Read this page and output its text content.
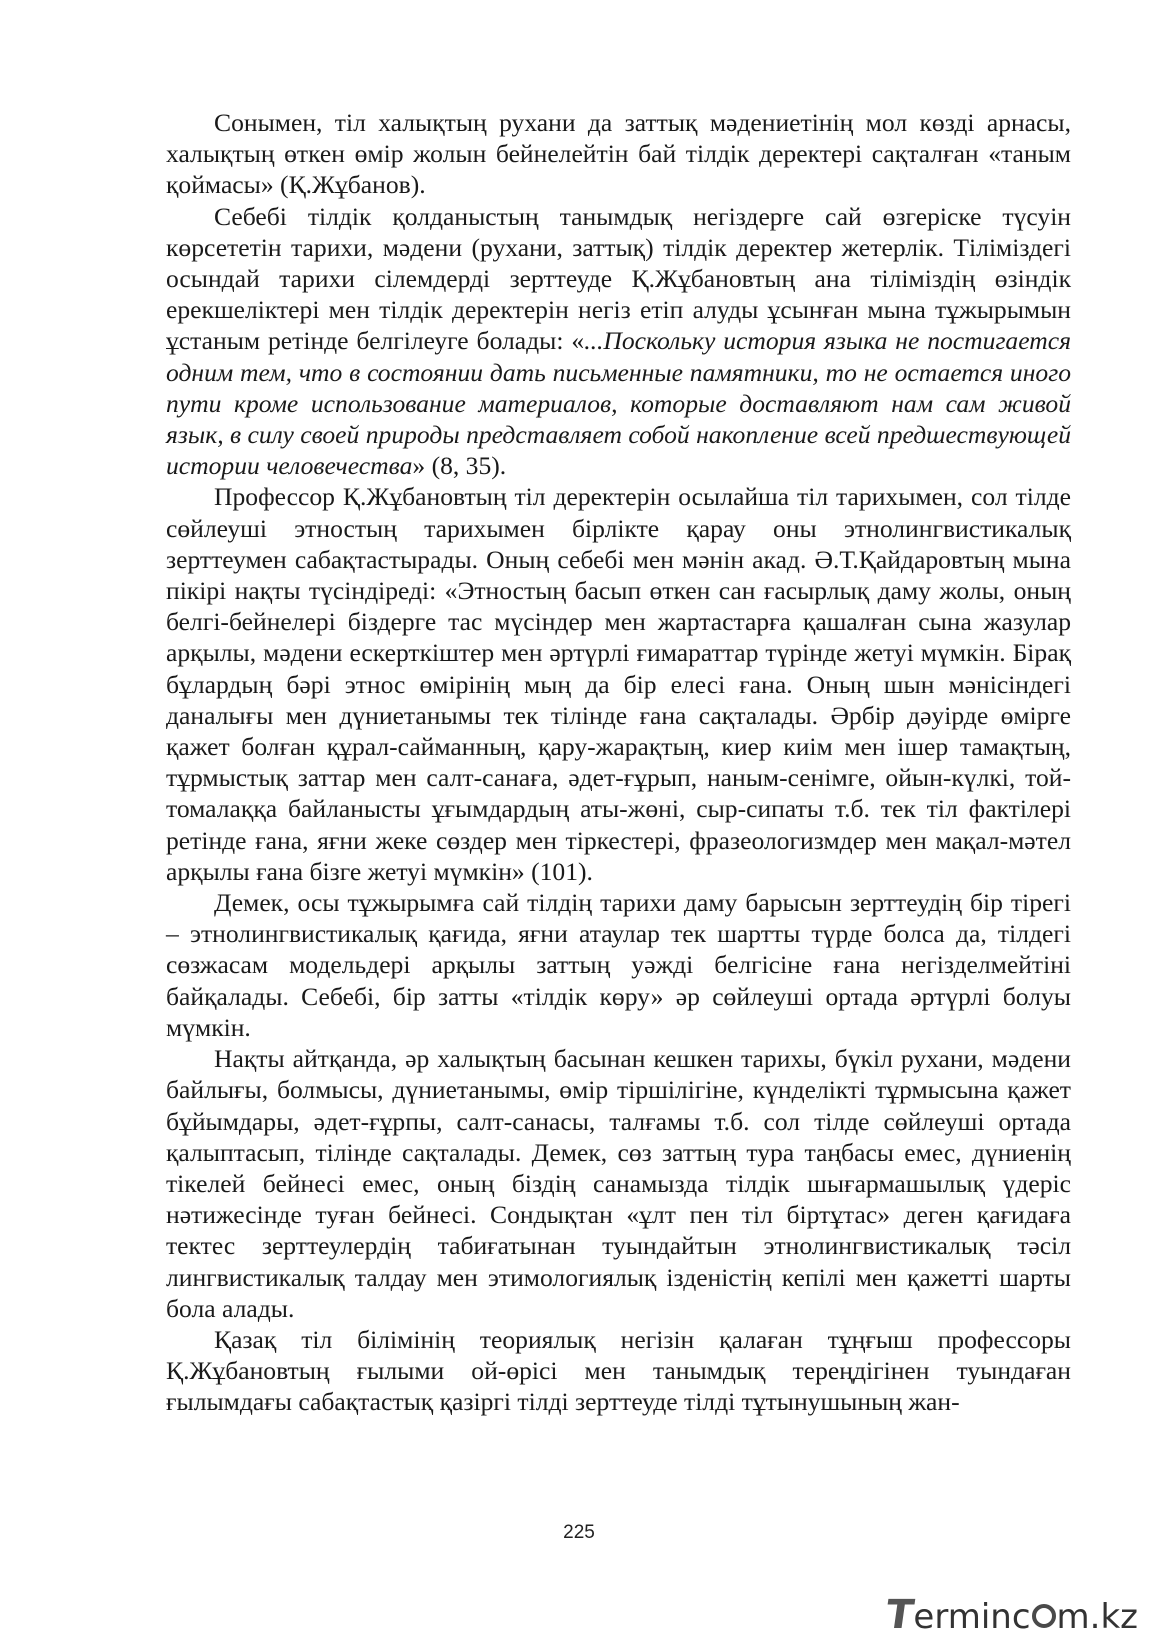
Сонымен, тіл халықтың рухани да заттық мәдениетінің мол көзді арнасы, халықтың өткен өмір жолын бейнелейтін бай тілдік деректері сақталған «таным қоймасы» (Қ.Жұбанов).

Себебі тілдік қолданыстың танымдық негіздерге сай өзгеріске түсуін көрсететін тарихи, мәдени (рухани, заттық) тілдік деректер жетерлік. Тіліміздегі осындай тарихи сілемдерді зерттеуде Қ.Жұбановтың ана тіліміздің өзіндік ерекшеліктері мен тілдік деректерін негіз етіп алуды ұсынған мына тұжырымын ұстаным ретінде белгілеуге болады: «...Поскольку история языка не постигается одним тем, что в состоянии дать письменные памятники, то не остается иного пути кроме использование материалов, которые доставляют нам сам живой язык, в силу своей природы представляет собой накопление всей предшествующей истории человечества» (8, 35).

Профессор Қ.Жұбановтың тіл деректерін осылайша тіл тарихымен, сол тілде сөйлеуші этностың тарихымен бірлікте қарау оны этнолингвистикалық зерттеумен сабақтастырады. Оның себебі мен мәнін акад. Ә.Т.Қайдаровтың мына пікірі нақты түсіндіреді: «Этностың басып өткен сан ғасырлық даму жолы, оның белгі-бейнелері біздерге тас мүсіндер мен жартастарға қашалған сына жазулар арқылы, мәдени ескерткіштер мен әртүрлі ғимараттар түрінде жетуі мүмкін. Бірақ бұлардың бәрі этнос өмірінің мың да бір елесі ғана. Оның шын мәнісіндегі даналығы мен дүниетанымы тек тілінде ғана сақталады. Әрбір дәуірде өмірге қажет болған құрал-сайманның, қару-жарақтың, киер киім мен ішер тамақтың, тұрмыстық заттар мен салт-санаға, әдет-ғұрып, наным-сенімге, ойын-күлкі, той-томалаққа байланысты ұғымдардың аты-жөні, сыр-сипаты т.б. тек тіл фактілері ретінде ғана, яғни жеке сөздер мен тіркестері, фразеологизмдер мен мақал-мәтел арқылы ғана бізге жетуі мүмкін» (101).

Демек, осы тұжырымға сай тілдің тарихи даму барысын зерттеудің бір тірегі – этнолингвистикалық қағида, яғни атаулар тек шартты түрде болса да, тілдегі сөзжасам модельдері арқылы заттың уәжді белгісіне ғана негізделмейтіні байқалады. Себебі, бір затты «тілдік көру» әр сөйлеуші ортада әртүрлі болуы мүмкін.

Нақты айтқанда, әр халықтың басынан кешкен тарихы, бүкіл рухани, мәдени байлығы, болмысы, дүниетанымы, өмір тіршілігіне, күнделікті тұрмысына қажет бұйымдары, әдет-ғұрпы, салт-санасы, талғамы т.б. сол тілде сөйлеуші ортада қалыптасып, тілінде сақталады. Демек, сөз заттың тура таңбасы емес, дүниенің тікелей бейнесі емес, оның біздің санамызда тілдік шығармашылық үдеріс нәтижесінде туған бейнесі. Сондықтан «ұлт пен тіл біртұтас» деген қағидаға тектес зерттеулердің табиғатынан туындайтын этнолингвистикалық тәсіл лингвистикалық талдау мен этимологиялық ізденістің кепілі мен қажетті шарты бола алады.

Қазақ тіл білімінің теориялық негізін қалаған тұңғыш профессоры Қ.Жұбановтың ғылыми ой-өрісі мен танымдық тереңдігінен туындаған ғылымдағы сабақтастық қазіргі тілді зерттеуде тілді тұтынушының жан-

225
T
erminc m.kz
